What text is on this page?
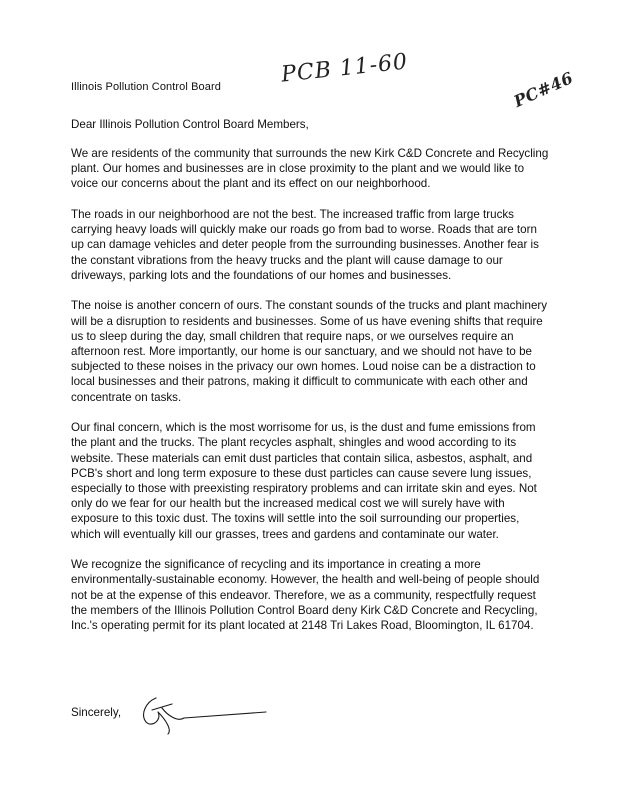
Illinois Pollution Control Board	PCB 11-60	PC#46
Dear Illinois Pollution Control Board Members,

We are residents of the community that surrounds the new Kirk C&D Concrete and Recycling plant. Our homes and businesses are in close proximity to the plant and we would like to voice our concerns about the plant and its effect on our neighborhood.

The roads in our neighborhood are not the best. The increased traffic from large trucks carrying heavy loads will quickly make our roads go from bad to worse. Roads that are torn up can damage vehicles and deter people from the surrounding businesses. Another fear is the constant vibrations from the heavy trucks and the plant will cause damage to our driveways, parking lots and the foundations of our homes and businesses.

The noise is another concern of ours. The constant sounds of the trucks and plant machinery will be a disruption to residents and businesses. Some of us have evening shifts that require us to sleep during the day, small children that require naps, or we ourselves require an afternoon rest. More importantly, our home is our sanctuary, and we should not have to be subjected to these noises in the privacy our own homes. Loud noise can be a distraction to local businesses and their patrons, making it difficult to communicate with each other and concentrate on tasks.

Our final concern, which is the most worrisome for us, is the dust and fume emissions from the plant and the trucks. The plant recycles asphalt, shingles and wood according to its website. These materials can emit dust particles that contain silica, asbestos, asphalt, and PCB's short and long term exposure to these dust particles can cause severe lung issues, especially to those with preexisting respiratory problems and can irritate skin and eyes. Not only do we fear for our health but the increased medical cost we will surely have with exposure to this toxic dust. The toxins will settle into the soil surrounding our properties, which will eventually kill our grasses, trees and gardens and contaminate our water.

We recognize the significance of recycling and its importance in creating a more environmentally-sustainable economy. However, the health and well-being of people should not be at the expense of this endeavor. Therefore, we as a community, respectfully request the members of the Illinois Pollution Control Board deny Kirk C&D Concrete and Recycling, Inc.'s operating permit for its plant located at 2148 Tri Lakes Road, Bloomington, IL 61704.

Sincerely,
